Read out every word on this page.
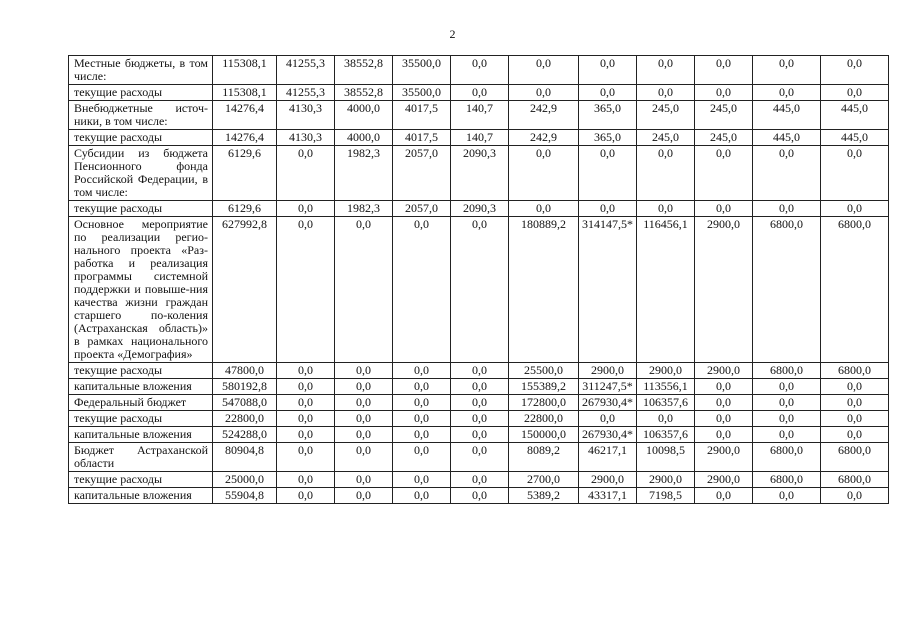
2
Местные бюджеты, в том числе:	115308,1	41255,3	38552,8	35500,0	0,0	0,0	0,0	0,0	0,0	0,0	0,0
текущие расходы	115308,1	41255,3	38552,8	35500,0	0,0	0,0	0,0	0,0	0,0	0,0	0,0
Внебюджетные источ-ники, в том числе:	14276,4	4130,3	4000,0	4017,5	140,7	242,9	365,0	245,0	245,0	445,0	445,0
текущие расходы	14276,4	4130,3	4000,0	4017,5	140,7	242,9	365,0	245,0	245,0	445,0	445,0
Субсидии из бюджета Пенсионного фонда Российской Федерации, в том числе:	6129,6	0,0	1982,3	2057,0	2090,3	0,0	0,0	0,0	0,0	0,0	0,0
текущие расходы	6129,6	0,0	1982,3	2057,0	2090,3	0,0	0,0	0,0	0,0	0,0	0,0
Основное мероприятие по реализации регио-нального проекта «Раз-работка и реализация программы системной поддержки и повыше-ния качества жизни граждан старшего по-коления (Астраханская область)» в рамках национального проекта «Демография»	627992,8	0,0	0,0	0,0	0,0	180889,2	314147,5*	116456,1	2900,0	6800,0	6800,0
текущие расходы	47800,0	0,0	0,0	0,0	0,0	25500,0	2900,0	2900,0	2900,0	6800,0	6800,0
капитальные вложения	580192,8	0,0	0,0	0,0	0,0	155389,2	311247,5*	113556,1	0,0	0,0	0,0
Федеральный бюджет	547088,0	0,0	0,0	0,0	0,0	172800,0	267930,4*	106357,6	0,0	0,0	0,0
текущие расходы	22800,0	0,0	0,0	0,0	0,0	22800,0	0,0	0,0	0,0	0,0	0,0
капитальные вложения	524288,0	0,0	0,0	0,0	0,0	150000,0	267930,4*	106357,6	0,0	0,0	0,0
Бюджет Астраханской области	80904,8	0,0	0,0	0,0	0,0	8089,2	46217,1	10098,5	2900,0	6800,0	6800,0
текущие расходы	25000,0	0,0	0,0	0,0	0,0	2700,0	2900,0	2900,0	2900,0	6800,0	6800,0
капитальные вложения	55904,8	0,0	0,0	0,0	0,0	5389,2	43317,1	7198,5	0,0	0,0	0,0
